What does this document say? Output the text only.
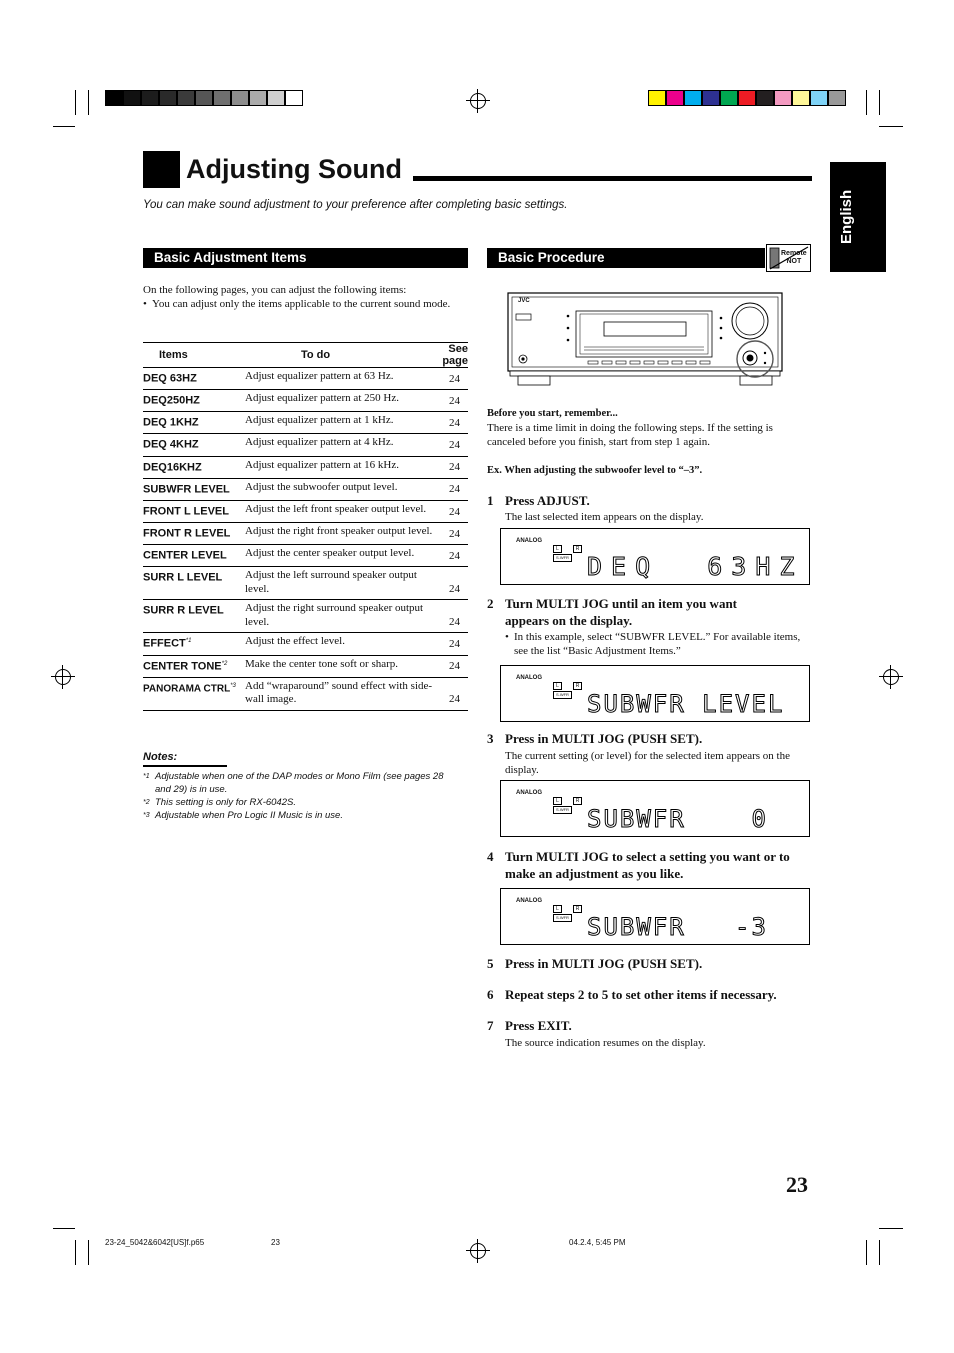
Adjusting Sound
You can make sound adjustment to your preference after completing basic settings.	English
Basic Adjustment Items
On the following pages, you can adjust the following items:
• You can adjust only the items applicable to the current sound mode.
Items	To do	See page
DEQ 63HZ	Adjust equalizer pattern at 63 Hz.	24
DEQ250HZ	Adjust equalizer pattern at 250 Hz.	24
DEQ 1KHZ	Adjust equalizer pattern at 1 kHz.	24
DEQ 4KHZ	Adjust equalizer pattern at 4 kHz.	24
DEQ16KHZ	Adjust equalizer pattern at 16 kHz.	24
SUBWFR LEVEL	Adjust the subwoofer output level.	24
FRONT L LEVEL	Adjust the left front speaker output level.	24
FRONT R LEVEL	Adjust the right front speaker output level.	24
CENTER LEVEL	Adjust the center speaker output level.	24
SURR L LEVEL	Adjust the left surround speaker output level.	24
SURR R LEVEL	Adjust the right surround speaker output level.	24
EFFECT$^{*1}$	Adjust the effect level.	24
CENTER TONE$^{*2}$	Make the center tone soft or sharp.	24
PANORAMA CTRL$^{*3}$	Add “wraparound” sound effect with side-wall image.	24
Notes:
*1 Adjustable when one of the DAP modes or Mono Film (see pages 28 and 29) is in use.
*2 This setting is only for RX-6042S.
*3 Adjustable when Pro Logic II Music is in use.
Basic Procedure	Remote
NOT
JVC
Before you start, remember...
There is a time limit in doing the following steps. If the setting is canceled before you finish, start from step 1 again.
Ex. When adjusting the subwoofer level to “–3”.
1 Press ADJUST.
The last selected item appears on the display.
ANALOG
L	R
S.WFR DEQ  63HZ
2 Turn MULTI JOG until an item you want appears on the display.
• In this example, select “SUBWFR LEVEL.” For available items, see the list “Basic Adjustment Items.”
ANALOG
L	R
S.WFR SUBWFR LEVEL
3 Press in MULTI JOG (PUSH SET).
The current setting (or level) for the selected item appears on the display.
ANALOG
L	R
S.WFR SUBWFR    0
4 Turn MULTI JOG to select a setting you want or to make an adjustment as you like.
ANALOG
L	R
S.WFR SUBWFR   -3
5 Press in MULTI JOG (PUSH SET).
6 Repeat steps 2 to 5 to set other items if necessary.
7 Press EXIT.
The source indication resumes on the display.
23
23-24_5042&6042[US]f.p65	23	04.2.4, 5:45 PM
